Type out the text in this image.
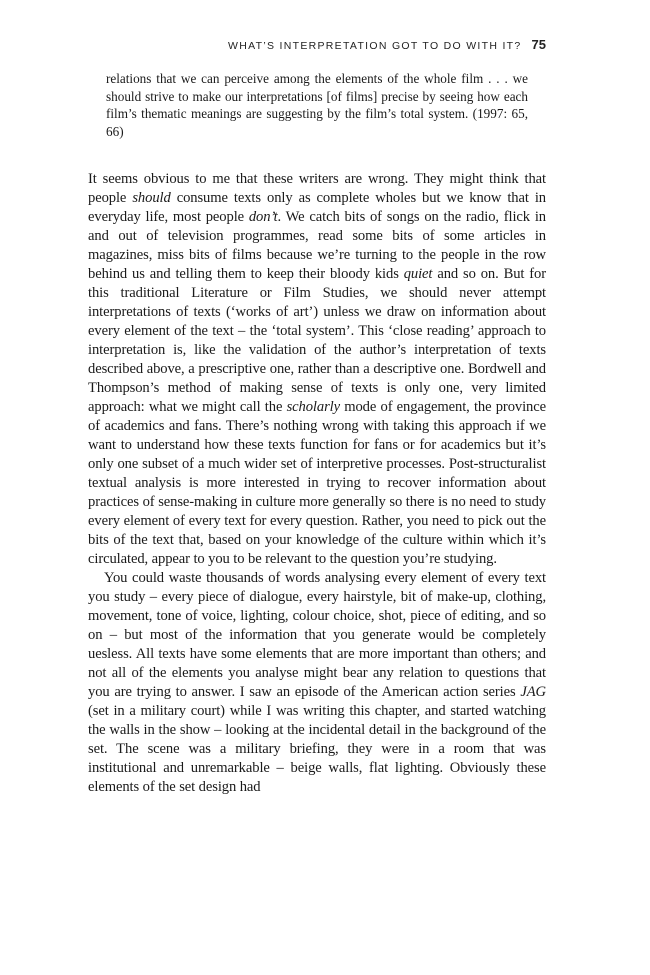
WHAT’S INTERPRETATION GOT TO DO WITH IT? 75

relations that we can perceive among the elements of the whole film . . . we should strive to make our interpretations [of films] precise by seeing how each film’s thematic meanings are suggesting by the film’s total system. (1997: 65, 66)

It seems obvious to me that these writers are wrong. They might think that people should consume texts only as complete wholes but we know that in everyday life, most people don’t. We catch bits of songs on the radio, flick in and out of television programmes, read some bits of some articles in magazines, miss bits of films because we’re turning to the people in the row behind us and telling them to keep their bloody kids quiet and so on. But for this traditional Literature or Film Studies, we should never attempt interpretations of texts (‘works of art’) unless we draw on information about every element of the text – the ‘total system’. This ‘close reading’ approach to interpretation is, like the validation of the author’s interpretation of texts described above, a prescriptive one, rather than a descriptive one. Bordwell and Thompson’s method of making sense of texts is only one, very limited approach: what we might call the scholarly mode of engagement, the province of academics and fans. There’s nothing wrong with taking this approach if we want to understand how these texts function for fans or for academics but it’s only one subset of a much wider set of interpretive processes. Post-structuralist textual analysis is more interested in trying to recover information about practices of sense-making in culture more generally so there is no need to study every element of every text for every question. Rather, you need to pick out the bits of the text that, based on your knowledge of the culture within which it’s circulated, appear to you to be relevant to the question you’re studying.

You could waste thousands of words analysing every element of every text you study – every piece of dialogue, every hairstyle, bit of make-up, clothing, movement, tone of voice, lighting, colour choice, shot, piece of editing, and so on – but most of the information that you generate would be completely uesless. All texts have some elements that are more important than others; and not all of the elements you analyse might bear any relation to questions that you are trying to answer. I saw an episode of the American action series JAG (set in a military court) while I was writing this chapter, and started watching the walls in the show – looking at the incidental detail in the background of the set. The scene was a military briefing, they were in a room that was institutional and unremarkable – beige walls, flat lighting. Obviously these elements of the set design had
